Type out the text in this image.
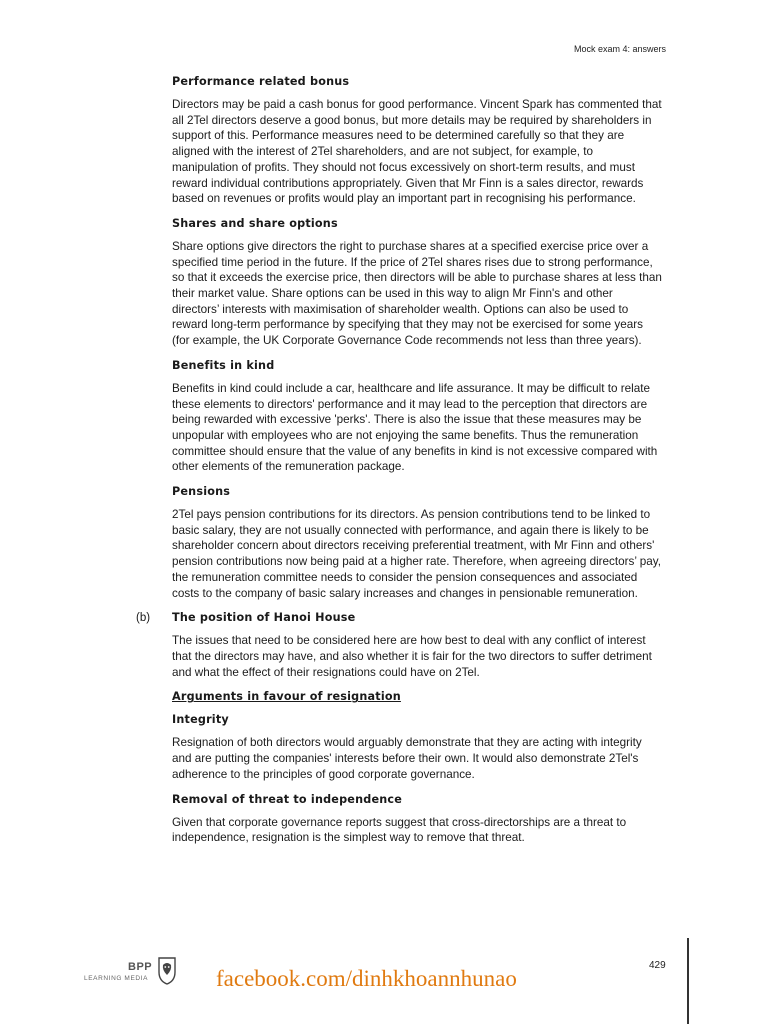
Mock exam 4: answers
Performance related bonus

Directors may be paid a cash bonus for good performance. Vincent Spark has commented that all 2Tel directors deserve a good bonus, but more details may be required by shareholders in support of this. Performance measures need to be determined carefully so that they are aligned with the interest of 2Tel shareholders, and are not subject, for example, to manipulation of profits. They should not focus excessively on short-term results, and must reward individual contributions appropriately. Given that Mr Finn is a sales director, rewards based on revenues or profits would play an important part in recognising his performance.

Shares and share options

Share options give directors the right to purchase shares at a specified exercise price over a specified time period in the future. If the price of 2Tel shares rises due to strong performance, so that it exceeds the exercise price, then directors will be able to purchase shares at less than their market value. Share options can be used in this way to align Mr Finn's and other directors’ interests with maximisation of shareholder wealth. Options can also be used to reward long-term performance by specifying that they may not be exercised for some years (for example, the UK Corporate Governance Code recommends not less than three years).

Benefits in kind

Benefits in kind could include a car, healthcare and life assurance. It may be difficult to relate these elements to directors' performance and it may lead to the perception that directors are being rewarded with excessive 'perks'. There is also the issue that these measures may be unpopular with employees who are not enjoying the same benefits. Thus the remuneration committee should ensure that the value of any benefits in kind is not excessive compared with other elements of the remuneration package.

Pensions

2Tel pays pension contributions for its directors. As pension contributions tend to be linked to basic salary, they are not usually connected with performance, and again there is likely to be shareholder concern about directors receiving preferential treatment, with Mr Finn and others' pension contributions now being paid at a higher rate. Therefore, when agreeing directors’ pay, the remuneration committee needs to consider the pension consequences and associated costs to the company of basic salary increases and changes in pensionable remuneration.

(b) The position of Hanoi House

The issues that need to be considered here are how best to deal with any conflict of interest that the directors may have, and also whether it is fair for the two directors to suffer detriment and what the effect of their resignations could have on 2Tel.

Arguments in favour of resignation
Integrity

Resignation of both directors would arguably demonstrate that they are acting with integrity and are putting the companies' interests before their own. It would also demonstrate 2Tel's adherence to the principles of good corporate governance.

Removal of threat to independence

Given that corporate governance reports suggest that cross-directorships are a threat to independence, resignation is the simplest way to remove that threat.

BPP
LEARNING MEDIA
429
facebook.com/dinhkhoannhunao
